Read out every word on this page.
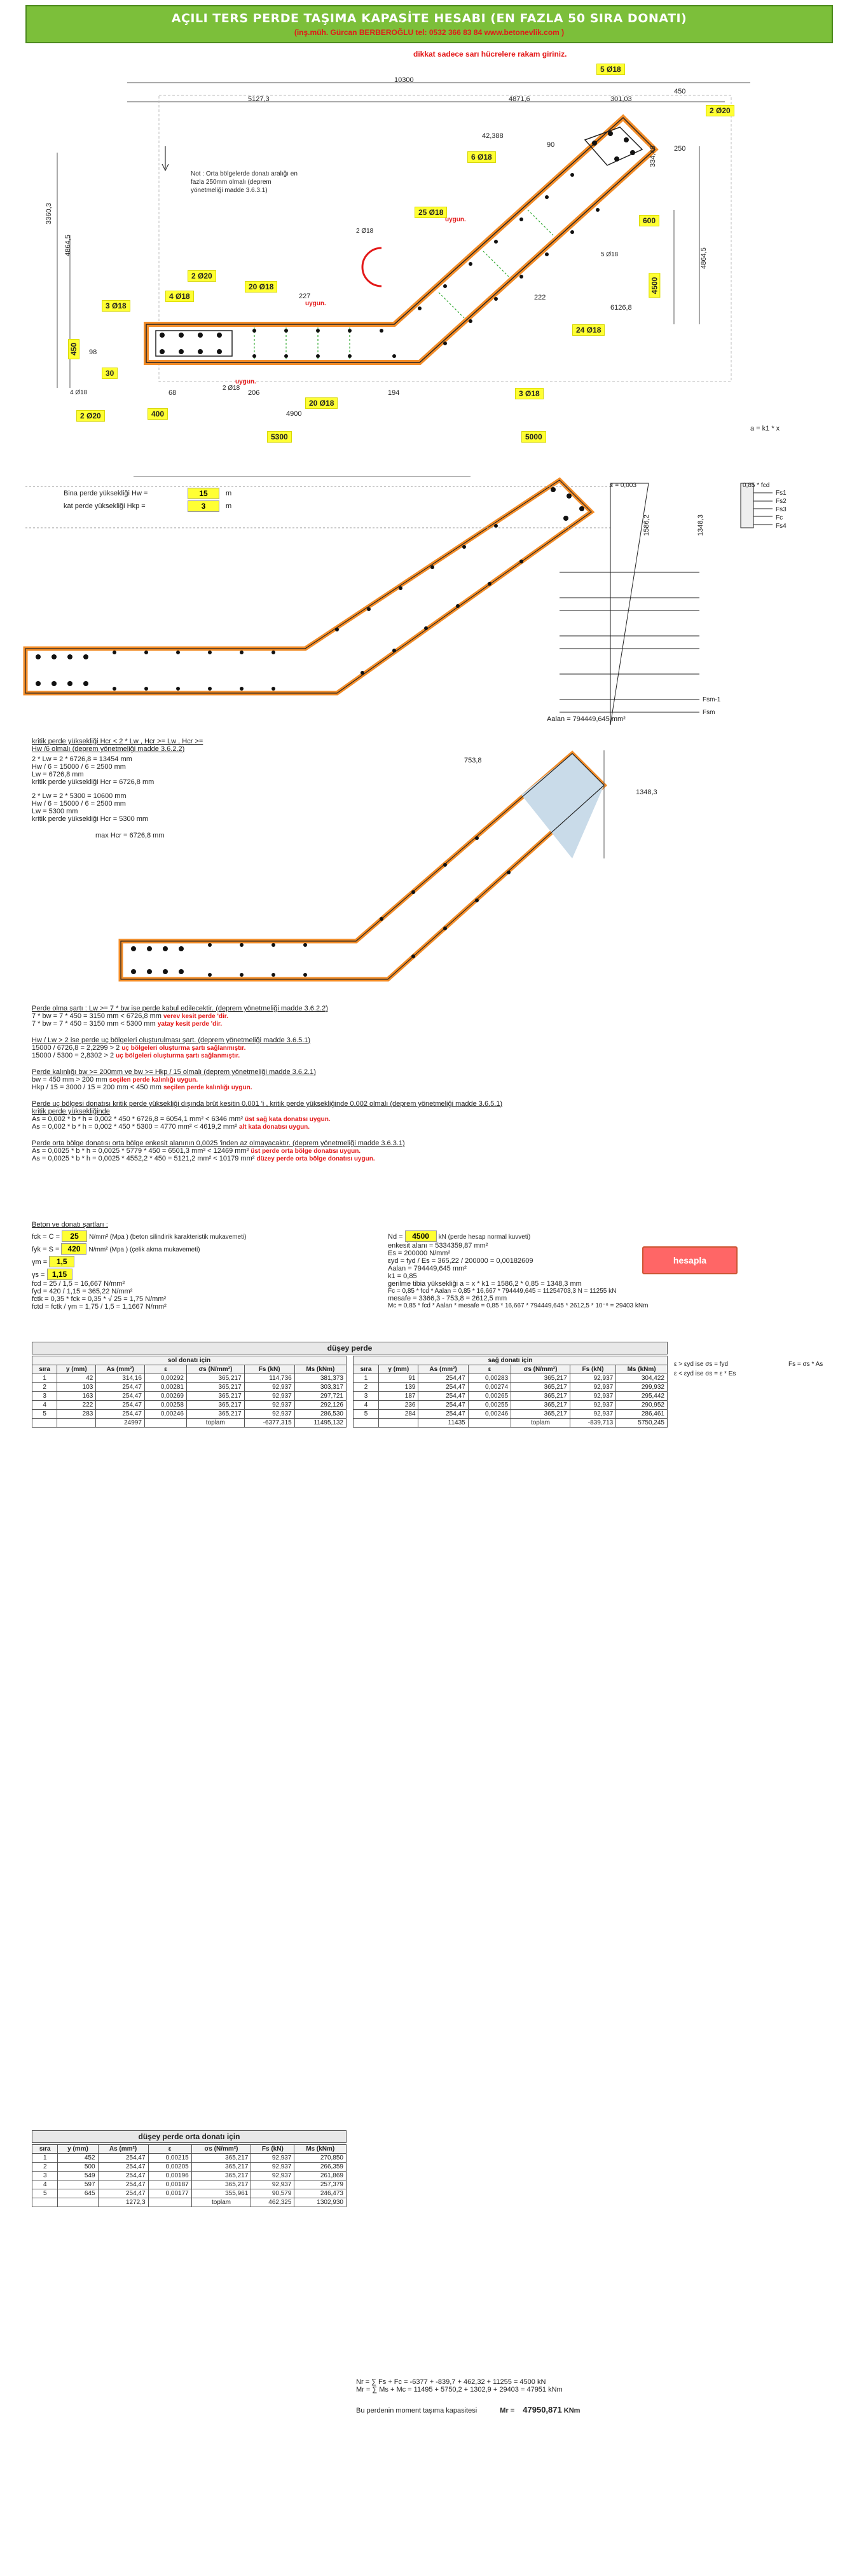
AÇILI TERS PERDE TAŞIMA KAPASİTE HESABI (EN FAZLA 50 SIRA DONATI)
(inş.müh. Gürcan BERBEROĞLU tel: 0532 366 83 84 www.betonevlik.com )
dikkat sadece sarı hücrelere rakam giriniz.
10300
5127,3	4871,6	301,03
450
2 Ø20
5 Ø18
3360,3
4864,5
42,388
90
334,48 250
Not : Orta bölgelerde donatı aralığı en
fazla 250mm olmalı (deprem
yönetmeliği madde 3.6.3.1)
6 Ø18
25 Ø18
uygun.	600
4864,5
4500
5 Ø18
2 Ø18
2 Ø20
20 Ø18
4 Ø18
3 Ø18
227	222
6126,8
24 Ø18
450 98
30
4 Ø18	68	206	194
20 Ø18
2 Ø18
3 Ø18
4900
400
2 Ø20
5300	5000
uygun.
uygun.
a = k1 * x
Bina perde yüksekliği Hw =
15	m
kat perde yüksekliği Hkp =
3	m
ε = 0,003	0,85 * fcd
1586,2	1348,3
Fs1
Fs2
Fs3
Fc
Fs4
Fsm-1
Fsm
Aalan = 794449,645 mm²
753,8
1348,3
kritik perde yüksekliği Hcr < 2 * Lw , Hcr >= Lw , Hcr >=
Hw /6 olmalı (deprem yönetmeliği madde 3.6.2.2)
2 * Lw = 2 * 6726,8 = 13454 mm
Hw / 6 = 15000 / 6 = 2500 mm
Lw = 6726,8 mm
kritik perde yüksekliği Hcr = 6726,8 mm
2 * Lw = 2 * 5300 = 10600 mm
Hw / 6 = 15000 / 6 = 2500 mm
Lw = 5300 mm
kritik perde yüksekliği Hcr = 5300 mm
max Hcr = 6726,8 mm
Perde olma şartı : Lw >= 7 * bw ise perde kabul edilecektir. (deprem yönetmeliği madde 3.6.2.2)
7 * bw = 7 * 450 = 3150 mm < 6726,8 mm verev kesit perde 'dir.
7 * bw = 7 * 450 = 3150 mm < 5300 mm yatay kesit perde 'dir.
Hw / Lw > 2 ise perde uç bölgeleri oluşturulması şart. (deprem yönetmeliği madde 3.6.5.1)
15000 / 6726,8 = 2,2299 > 2 uç bölgeleri oluşturma şartı sağlanmıştır.
15000 / 5300 = 2,8302 > 2 uç bölgeleri oluşturma şartı sağlanmıştır.
Perde kalınlığı bw >= 200mm ve bw >= Hkp / 15 olmalı (deprem yönetmeliği madde 3.6.2.1)
bw = 450 mm > 200 mm seçilen perde kalınlığı uygun.
Hkp / 15 = 3000 / 15 = 200 mm < 450 mm seçilen perde kalınlığı uygun.
Perde uç bölgesi donatısı kritik perde yüksekliği dışında brüt kesitin 0,001 'i , kritik perde yüksekliğinde 0,002 olmalı (deprem yönetmeliği madde 3.6.5.1)
kritik perde yüksekliğinde
As = 0,002 * b * h = 0,002 * 450 * 6726,8 = 6054,1 mm² < 6346 mm² üst sağ kata donatısı uygun.
As = 0,002 * b * h = 0,002 * 450 * 5300 = 4770 mm² < 4619,2 mm² alt kata donatısı uygun.
Perde orta bölge donatısı orta bölge enkesit alanının 0,0025 'inden az olmayacaktır. (deprem yönetmeliği madde 3.6.3.1)
As = 0,0025 * b * h = 0,0025 * 5779 * 450 = 6501,3 mm² < 12469 mm² üst perde orta bölge donatısı uygun.
As = 0,0025 * b * h = 0,0025 * 4552,2 * 450 = 5121,2 mm² < 10179 mm² düzey perde orta bölge donatısı uygun.
Beton ve donatı şartları :
fck = C = 25	N/mm² (Mpa ) (beton silindirik karakteristik mukavemeti)
fyk = S = 420	N/mm² (Mpa ) (çelik akma mukavemeti)
γm = 1,5
γs = 1,15
fcd = 25 / 1,5 = 16,667 N/mm²
fyd = 420 / 1,15 = 365,22 N/mm²
fctk = 0,35 * fck = 0,35 * √ 25 = 1,75 N/mm²
fctd = fctk / γm = 1,75 / 1,5 = 1,1667 N/mm²
Nd = 4500	kN (perde hesap normal kuvveti)
enkesit alanı = 5334359,87 mm²
Es = 200000 N/mm²
εyd = fyd / Es = 365,22 / 200000 = 0,00182609
Aalan = 794449,645 mm²
k1 = 0,85
gerilme tibia yüksekliği a = x * k1 = 1586,2 * 0,85 = 1348,3 mm
Fc = 0,85 * fcd * Aalan = 0,85 * 16,667 * 794449,645 = 11254703,3 N = 11255 kN
mesafe = 3366,3 - 753,8 = 2612,5 mm
Mc = 0,85 * fcd * Aalan * mesafe = 0,85 * 16,667 * 794449,645 * 2612,5 * 10⁻⁶ = 29403 kNm
hesapla
ε > εyd ise σs = fyd
ε < εyd ise σs = ε * Es
Fs = σs * As
düşey perde
sol donatı için						
sıra	y (mm)	As (mm²)	ε	σs (N/mm²)	Fs (kN)	Ms (kNm)
1	42	314,16	0,00292	365,217	114,736	381,373
2	103	254,47	0,00281	365,217	92,937	303,317
3	163	254,47	0,00269	365,217	92,937	297,721
4	222	254,47	0,00258	365,217	92,937	292,126
5	283	254,47	0,00246	365,217	92,937	286,530
		24997		toplam	-6377,315	11495,132
sağ donatı için						
sıra	y (mm)	As (mm²)	ε	σs (N/mm²)	Fs (kN)	Ms (kNm)
1	91	254,47	0,00283	365,217	92,937	304,422
2	139	254,47	0,00274	365,217	92,937	299,932
3	187	254,47	0,00265	365,217	92,937	295,442
4	236	254,47	0,00255	365,217	92,937	290,952
5	284	254,47	0,00246	365,217	92,937	286,461
		11435		toplam	-839,713	5750,245
düşey perde orta donatı için
sıra	y (mm)	As (mm²)	ε	σs (N/mm²)	Fs (kN)	Ms (kNm)
1	452	254,47	0,00215	365,217	92,937	270,850
2	500	254,47	0,00205	365,217	92,937	266,359
3	549	254,47	0,00196	365,217	92,937	261,869
4	597	254,47	0,00187	365,217	92,937	257,379
5	645	254,47	0,00177	355,961	90,579	246,473
		1272,3		toplam	462,325	1302,930
Nr = ∑ Fs + Fc = -6377 + -839,7 + 462,32 + 11255 = 4500 kN
Mr = ∑ Ms + Mc = 11495 + 5750,2 + 1302,9 + 29403 = 47951 kNm
Bu perdenin moment taşıma kapasitesi	Mr = 47950,871 KNm
